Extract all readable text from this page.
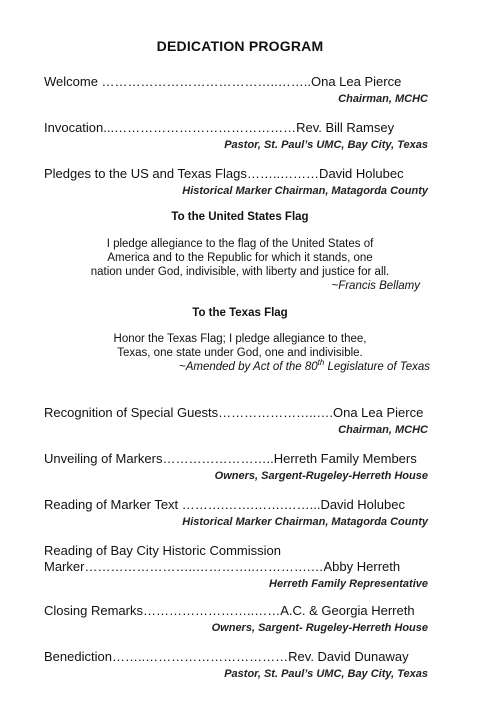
DEDICATION PROGRAM
Welcome …………………………………..……..Ona Lea Pierce
Chairman, MCHC
Invocation...……………………………………Rev. Bill Ramsey
Pastor, St. Paul’s UMC, Bay City, Texas
Pledges to the US and Texas Flags……..………David Holubec
Historical Marker Chairman, Matagorda County
To the United States Flag
I pledge allegiance to the flag of the United States of
America and to the Republic for which it stands, one
nation under God, indivisible, with liberty and justice for all.
~Francis Bellamy
To the Texas Flag
Honor the Texas Flag; I pledge allegiance to thee,
Texas, one state under God, one and indivisible.
~Amended by Act of the 80th Legislature of Texas
Recognition of Special Guests…………………..….Ona Lea Pierce
Chairman, MCHC
Unveiling of Markers……………………..Herreth Family Members
Owners, Sargent-Rugeley-Herreth House
Reading of Marker Text ……….…….…….……...David Holubec
Historical Marker Chairman, Matagorda County
Reading of Bay City Historic Commission
Marker……………………..…………..………….…Abby Herreth
Herreth Family Representative
Closing Remarks……………………..……A.C. & Georgia Herreth
Owners, Sargent- Rugeley-Herreth House
Benediction……..……………………………Rev. David Dunaway
Pastor, St. Paul’s UMC, Bay City, Texas
